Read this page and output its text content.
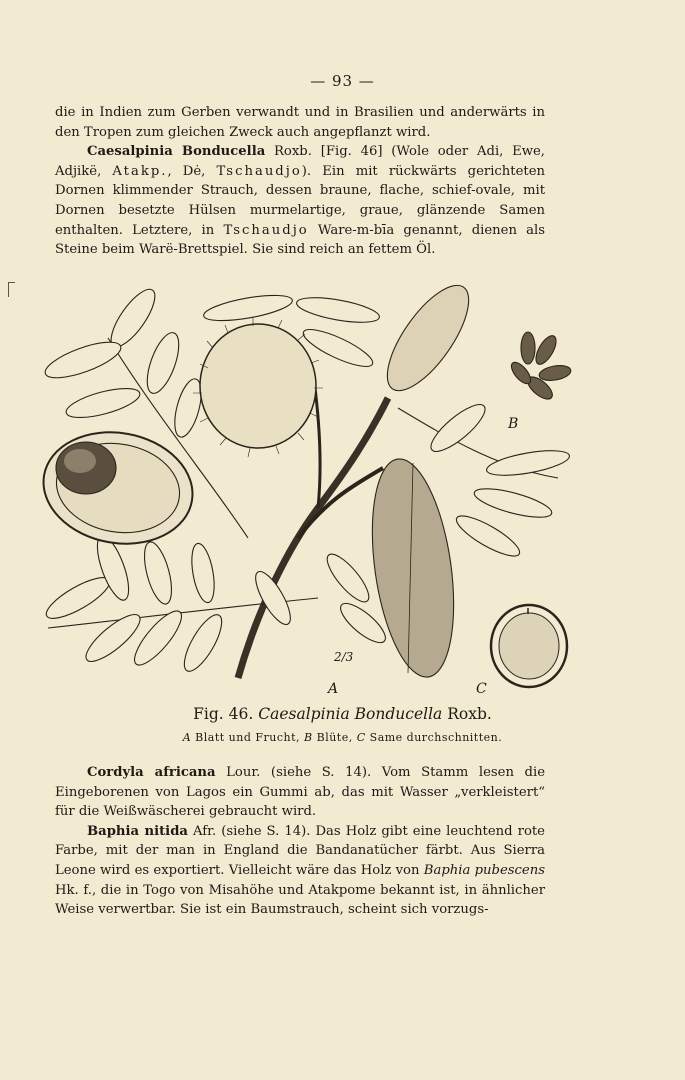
— 93 —

die in Indien zum Gerben verwandt und in Brasilien und anderwärts in den Tropen zum gleichen Zweck auch angepflanzt wird.

Caesalpinia Bonducella Roxb. [Fig. 46] (Wole oder Adi, Ewe, Adjikë, Atakp., Dė, Tschaudjo). Ein mit rückwärts gerichteten Dornen klimmender Strauch, dessen braune, flache, schief-ovale, mit Dornen besetzte Hülsen murmelartige, graue, glänzende Samen enthalten. Letztere, in Tschaudjo Ware-m-bīa genannt, dienen als Steine beim Warë-Brettspiel. Sie sind reich an fettem Öl.

B
A	C
2/3
Fig. 46. Caesalpinia Bonducella Roxb.
A Blatt und Frucht, B Blüte, C Same durchschnitten.

Cordyla africana Lour. (siehe S. 14). Vom Stamm lesen die Eingeborenen von Lagos ein Gummi ab, das mit Wasser „verkleistert“ für die Weißwäscherei gebraucht wird.

Baphia nitida Afr. (siehe S. 14). Das Holz gibt eine leuchtend rote Farbe, mit der man in England die Bandanatücher färbt. Aus Sierra Leone wird es exportiert. Vielleicht wäre das Holz von Baphia pubescens Hk. f., die in Togo von Misahöhe und Atakpome bekannt ist, in ähnlicher Weise verwertbar. Sie ist ein Baumstrauch, scheint sich vorzugs-
